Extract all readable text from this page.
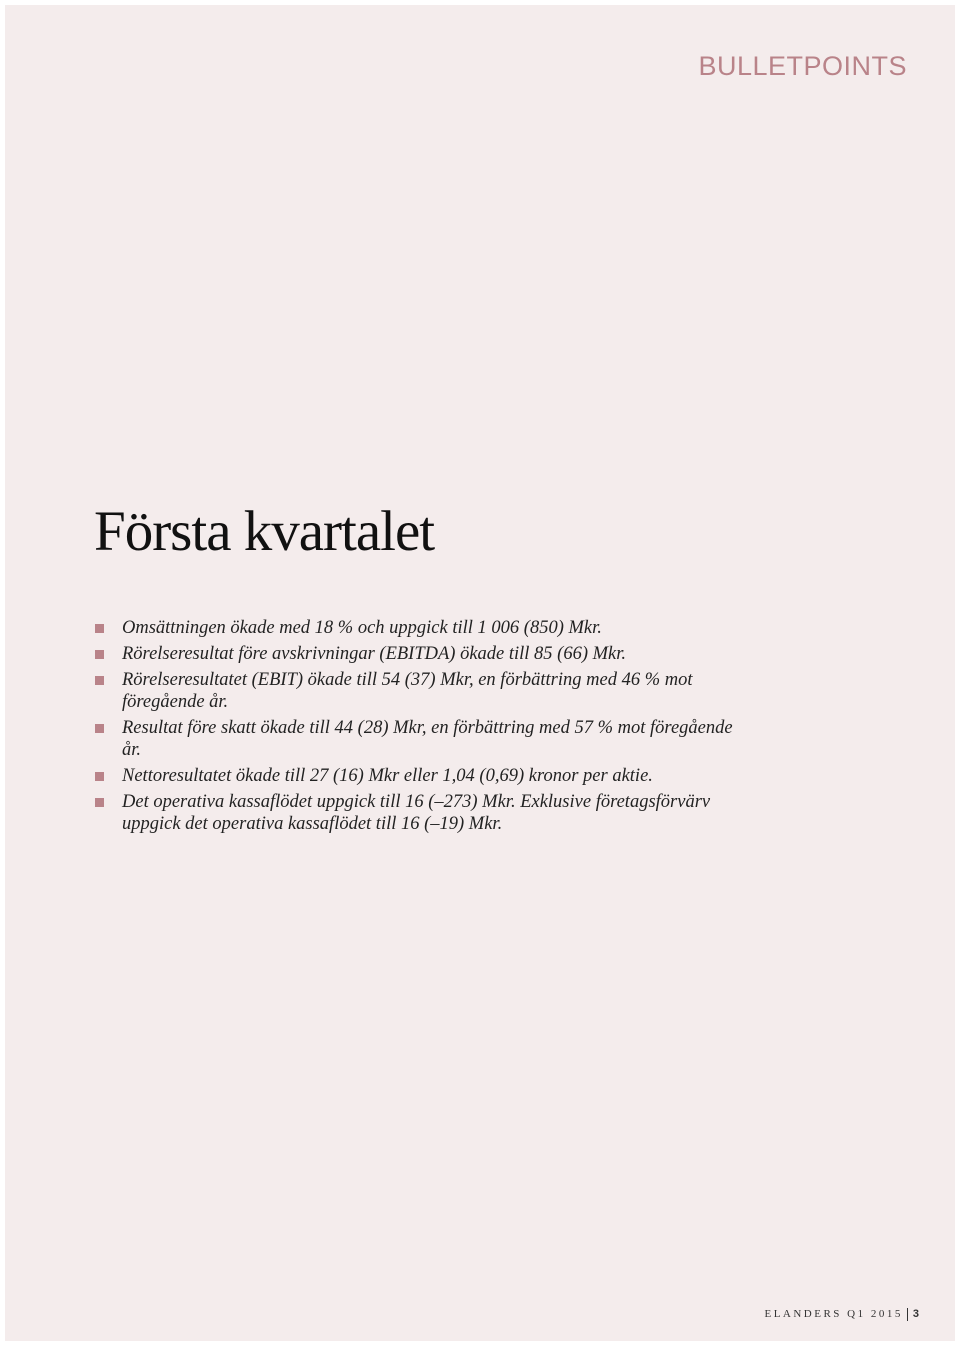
BULLETPOINTS
Första kvartalet
Omsättningen ökade med 18 % och uppgick till 1 006 (850) Mkr.
Rörelseresultat före avskrivningar (EBITDA) ökade till 85 (66) Mkr.
Rörelseresultatet (EBIT) ökade till 54 (37) Mkr, en förbättring med 46 % mot föregående år.
Resultat före skatt ökade till 44 (28) Mkr, en förbättring med 57 % mot föregående år.
Nettoresultatet ökade till 27 (16) Mkr eller 1,04 (0,69) kronor per aktie.
Det operativa kassaflödet uppgick till 16 (–273) Mkr. Exklusive företagsförvärv uppgick det operativa kassaflödet till 16 (–19) Mkr.
ELANDERS Q1 2015 3
